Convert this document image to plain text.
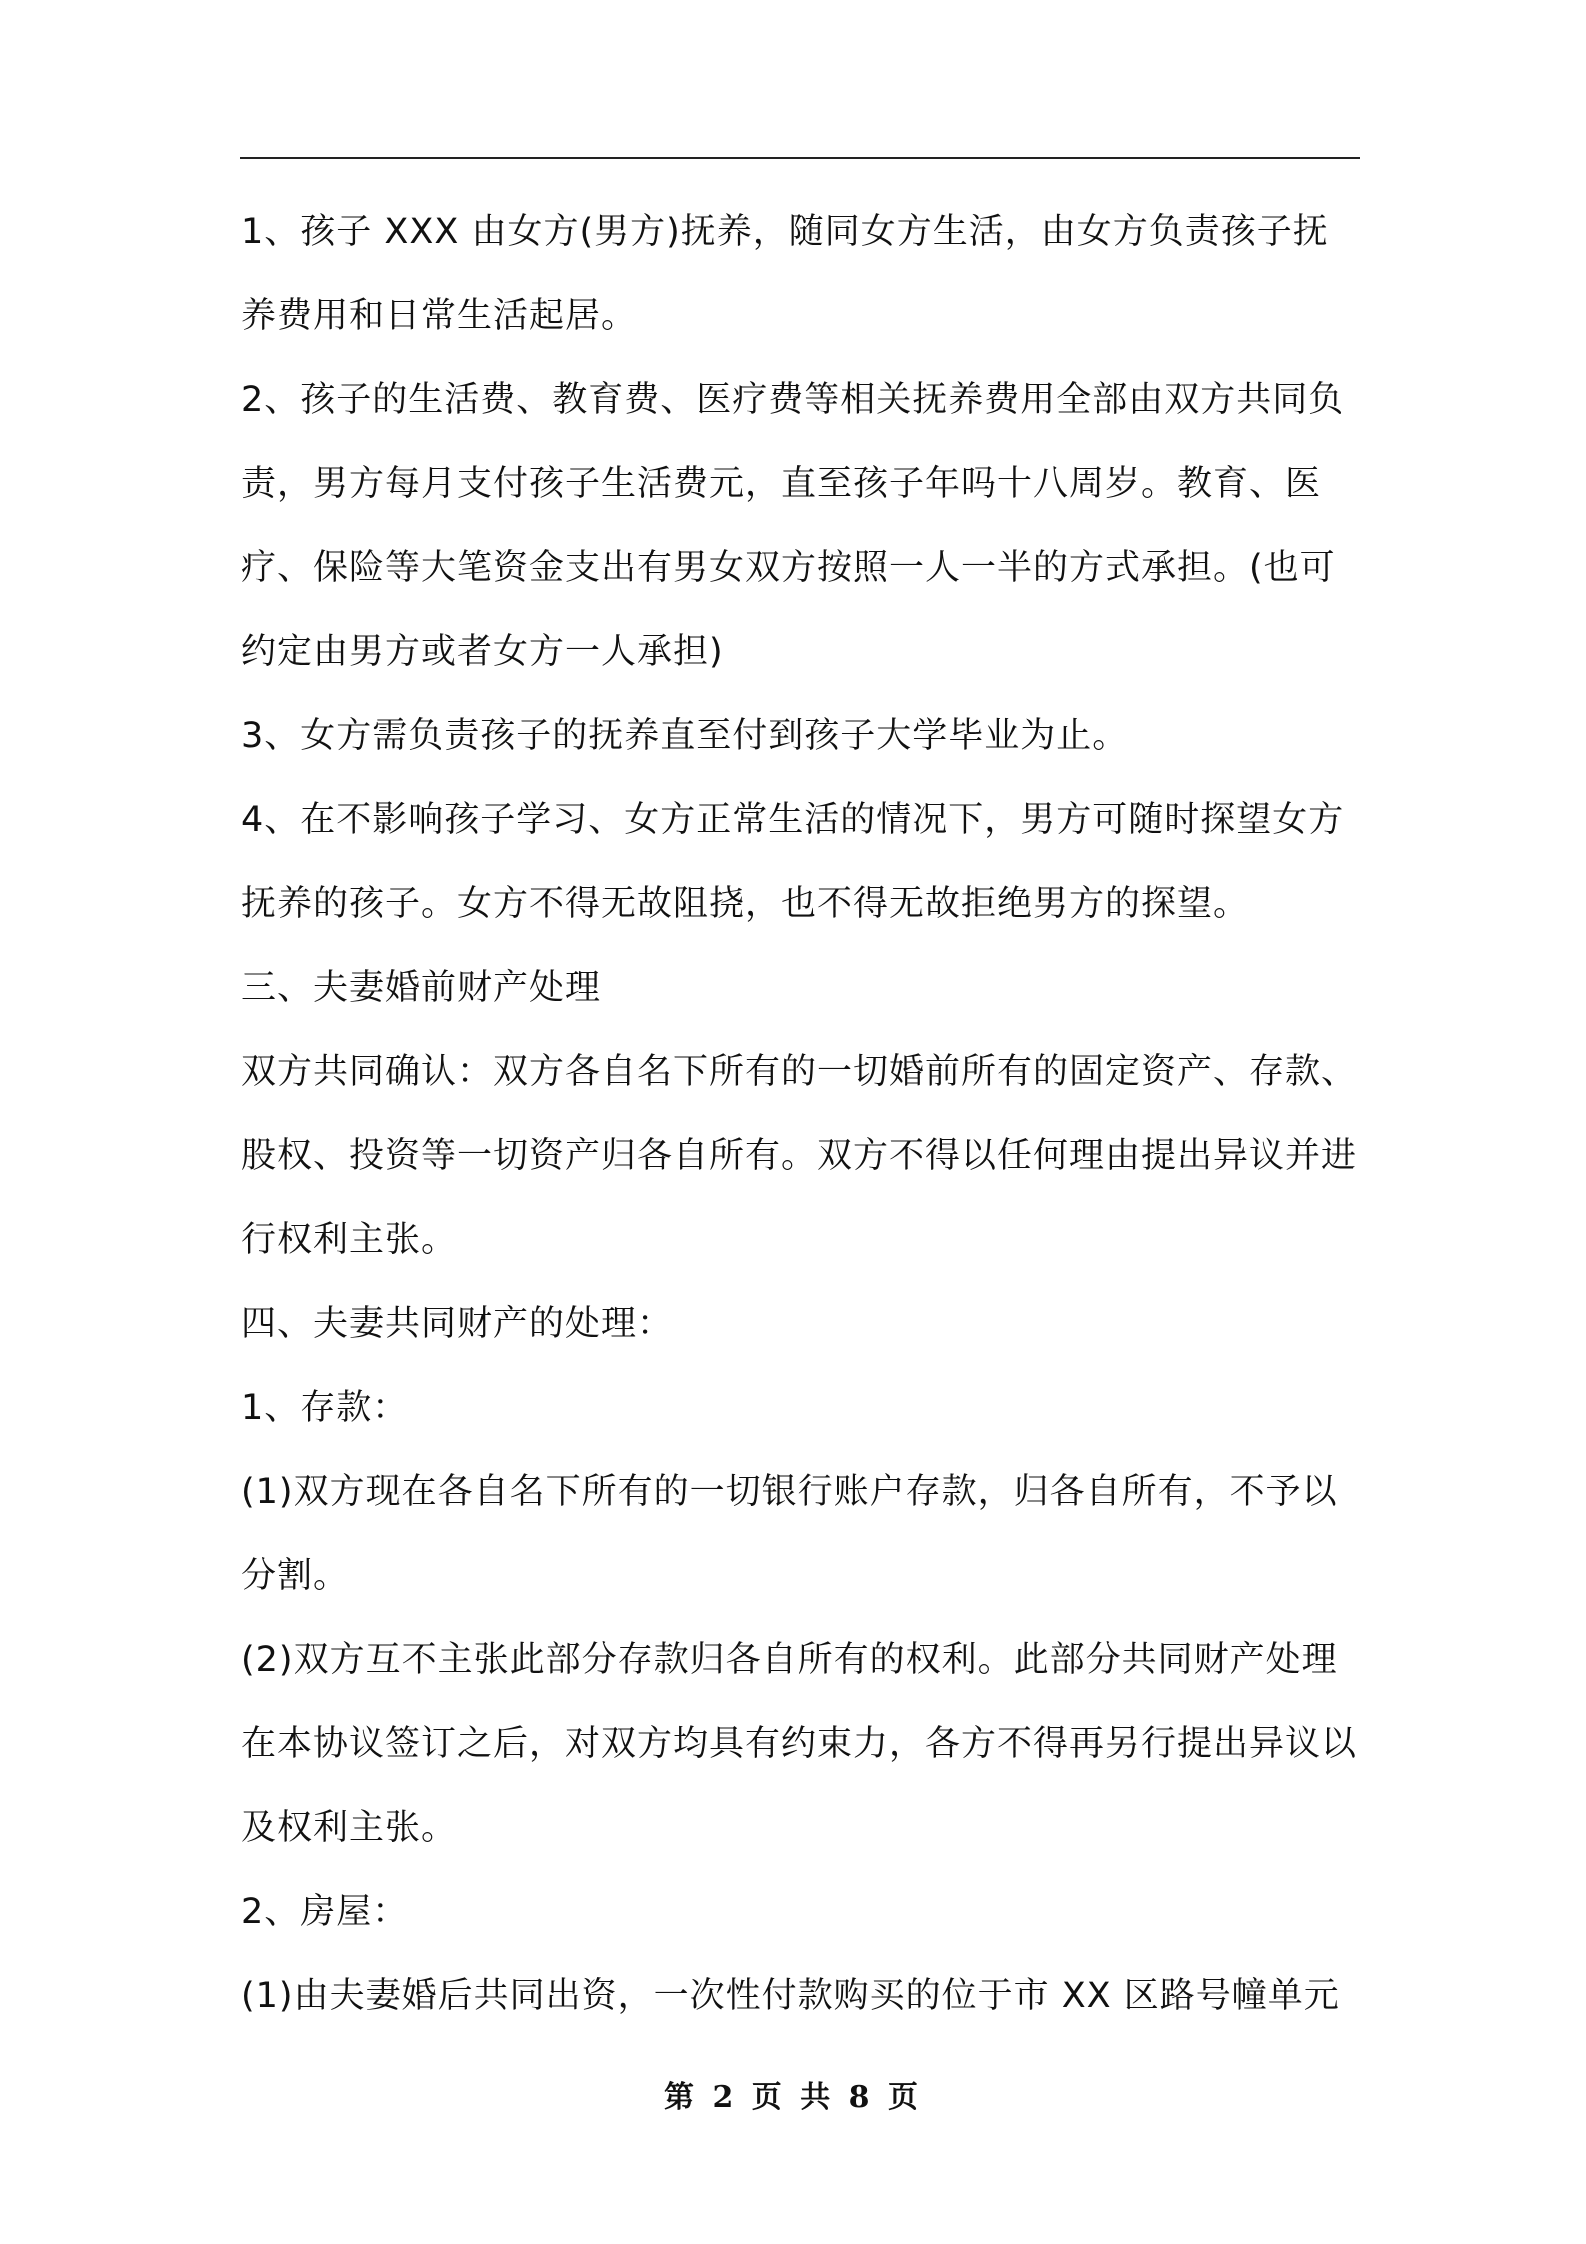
1、孩子 XXX 由女方(男方)抚养，随同女方生活，由女方负责孩子抚养费用和日常生活起居。

2、孩子的生活费、教育费、医疗费等相关抚养费用全部由双方共同负责，男方每月支付孩子生活费元，直至孩子年吗十八周岁。教育、医疗、保险等大笔资金支出有男女双方按照一人一半的方式承担。(也可约定由男方或者女方一人承担)

3、女方需负责孩子的抚养直至付到孩子大学毕业为止。

4、在不影响孩子学习、女方正常生活的情况下，男方可随时探望女方抚养的孩子。女方不得无故阻挠，也不得无故拒绝男方的探望。

三、夫妻婚前财产处理

双方共同确认：双方各自名下所有的一切婚前所有的固定资产、存款、股权、投资等一切资产归各自所有。双方不得以任何理由提出异议并进行权利主张。

四、夫妻共同财产的处理：

1、存款：

(1)双方现在各自名下所有的一切银行账户存款，归各自所有，不予以分割。

(2)双方互不主张此部分存款归各自所有的权利。此部分共同财产处理在本协议签订之后，对双方均具有约束力，各方不得再另行提出异议以及权利主张。

2、房屋：

(1)由夫妻婚后共同出资，一次性付款购买的位于市 XX 区路号幢单元

第 2 页 共 8 页
